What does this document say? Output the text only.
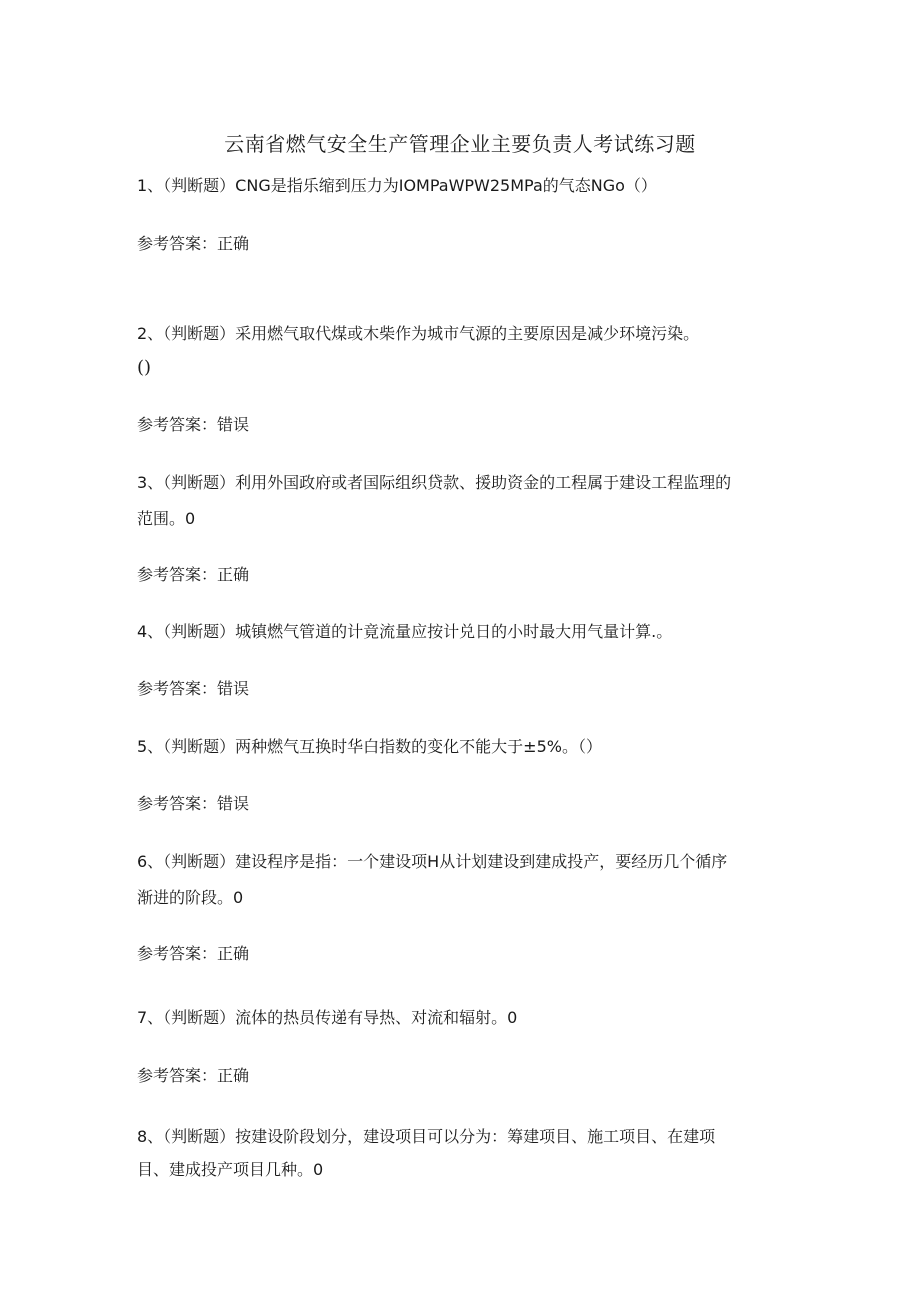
云南省燃气安全生产管理企业主要负责人考试练习题
1、（判断题）CNG是指乐缩到压力为IOMPaWPW25MPa的气态NGo（）
参考答案：正确
2、（判断题）采用燃气取代煤或木柴作为城市气源的主要原因是减少环境污染。
()
参考答案：错误
3、（判断题）利用外国政府或者国际组织贷款、援助资金的工程属于建设工程监理的
范围。0
参考答案：正确
4、（判断题）城镇燃气管道的计竟流量应按计兑日的小时最大用气量计算.。
参考答案：错误
5、（判断题）两种燃气互换时华白指数的变化不能大于±5%。（）
参考答案：错误
6、（判断题）建设程序是指：一个建设项H从计划建设到建成投产，要经历几个循序
渐进的阶段。0
参考答案：正确
7、（判断题）流体的热员传递有导热、对流和辐射。0
参考答案：正确
8、（判断题）按建设阶段划分，建设项目可以分为：筹建项目、施工项目、在建项
目、建成投产项目几种。0
